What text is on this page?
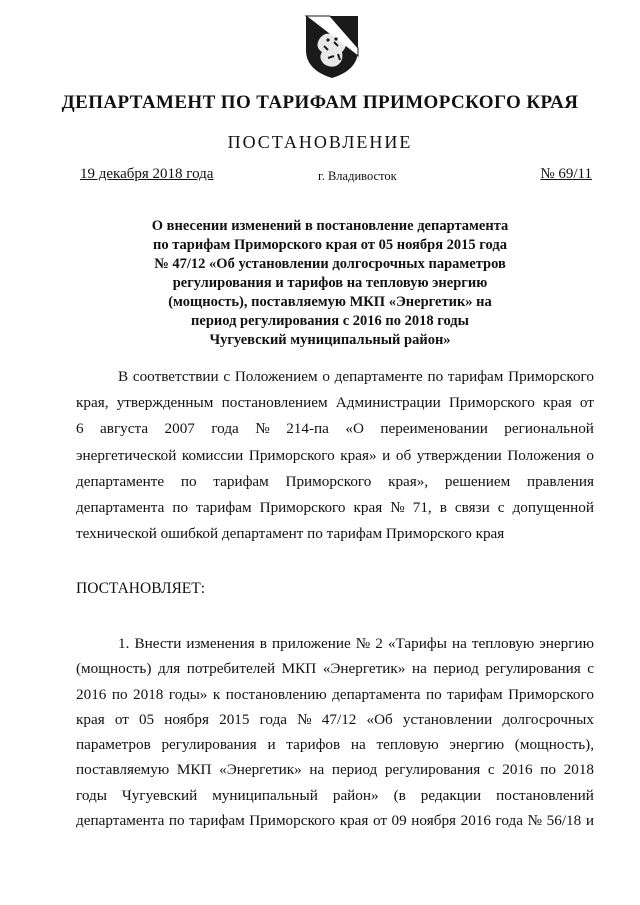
ДЕПАРТАМЕНТ ПО ТАРИФАМ ПРИМОРСКОГО КРАЯ
ПОСТАНОВЛЕНИЕ
19 декабря 2018 года	г. Владивосток	№ 69/11
О внесении изменений в постановление департамента
по тарифам Приморского края от 05 ноября 2015 года
№ 47/12 «Об установлении долгосрочных параметров
регулирования и тарифов на тепловую энергию
(мощность), поставляемую МКП «Энергетик» на
период регулирования с 2016 по 2018 годы
Чугуевский муниципальный район»
В соответствии с Положением о департаменте по тарифам Приморского
края, утвержденным постановлением Администрации Приморского края от
6 августа 2007 года № 214-па «О переименовании региональной
энергетической комиссии Приморского края» и об утверждении Положения о
департаменте по тарифам Приморского края», решением правления
департамента по тарифам Приморского края № 71, в связи с допущенной
технической ошибкой департамент по тарифам Приморского края
ПОСТАНОВЛЯЕТ:
1. Внести изменения в приложение № 2 «Тарифы на тепловую энергию
(мощность) для потребителей МКП «Энергетик» на период регулирования с
2016 по 2018 годы» к постановлению департамента по тарифам Приморского
края от 05 ноября 2015 года № 47/12 «Об установлении долгосрочных
параметров регулирования и тарифов на тепловую энергию (мощность),
поставляемую МКП «Энергетик» на период регулирования с 2016 по 2018
годы Чугуевский муниципальный район» (в редакции постановлений
департамента по тарифам Приморского края от 09 ноября 2016 года № 56/18 и
